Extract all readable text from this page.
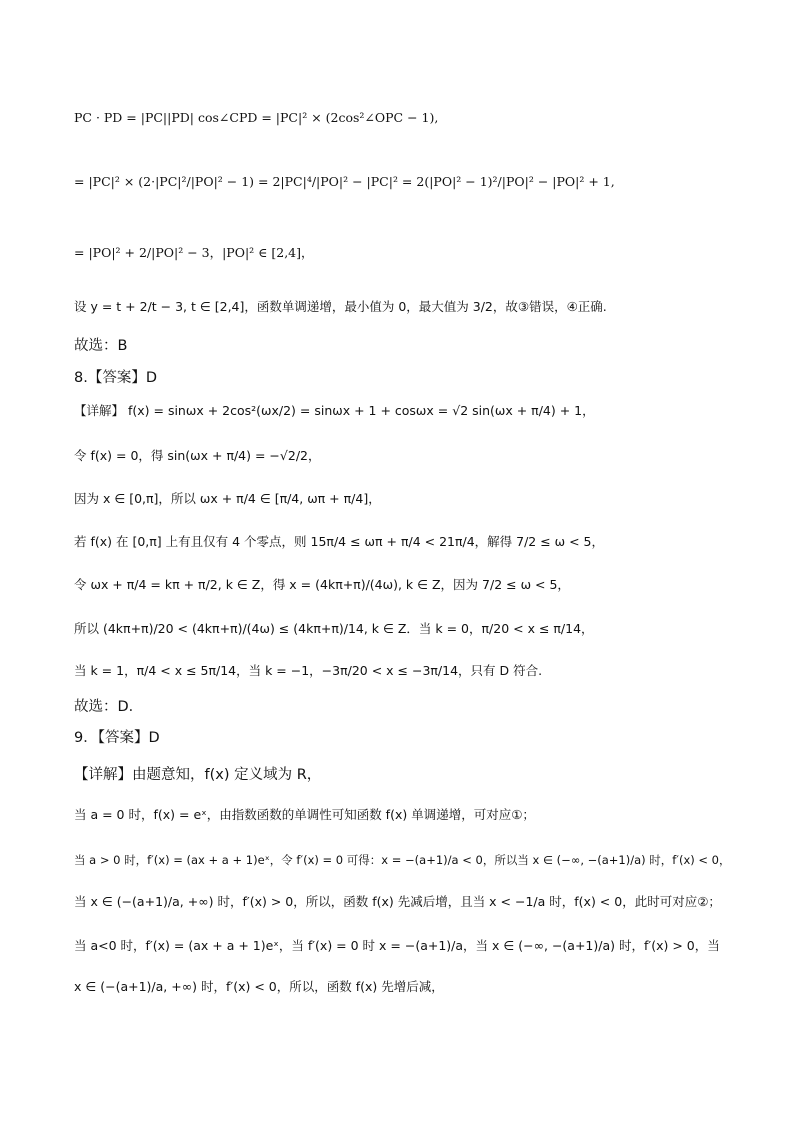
PC · PD = |PC||PD| cos∠CPD = |PC|² × (2cos²∠OPC − 1),
= |PC|² × (2·|PC|²/|PO|² − 1) = 2|PC|⁴/|PO|² − |PC|² = 2(|PO|² − 1)²/|PO|² − |PO|² + 1,
= |PO|² + 2/|PO|² − 3，|PO|² ∈ [2,4]，
设 y = t + 2/t − 3, t ∈ [2,4]，函数单调递增，最小值为 0，最大值为 3/2，故③错误，④正确.
故选：B
8.【答案】D
【详解】 f(x) = sinωx + 2cos²(ωx/2) = sinωx + 1 + cosωx = √2 sin(ωx + π/4) + 1，
令 f(x) = 0，得 sin(ωx + π/4) = −√2/2，
因为 x ∈ [0,π]，所以 ωx + π/4 ∈ [π/4, ωπ + π/4]，
若 f(x) 在 [0,π] 上有且仅有 4 个零点，则 15π/4 ≤ ωπ + π/4 < 21π/4，解得 7/2 ≤ ω < 5，
令 ωx + π/4 = kπ + π/2, k ∈ Z，得 x = (4kπ+π)/(4ω), k ∈ Z，因为 7/2 ≤ ω < 5，
所以 (4kπ+π)/20 < (4kπ+π)/(4ω) ≤ (4kπ+π)/14, k ∈ Z．当 k = 0，π/20 < x ≤ π/14，
当 k = 1，π/4 < x ≤ 5π/14，当 k = −1，−3π/20 < x ≤ −3π/14，只有 D 符合.
故选：D．
9．【答案】D
【详解】由题意知，f(x) 定义域为 R，
当 a = 0 时，f(x) = eˣ，由指数函数的单调性可知函数 f(x) 单调递增，可对应①；
当 a > 0 时，f′(x) = (ax + a + 1)eˣ，令 f′(x) = 0 可得：x = −(a+1)/a < 0，所以当 x ∈ (−∞, −(a+1)/a) 时，f′(x) < 0，
当 x ∈ (−(a+1)/a, +∞) 时，f′(x) > 0，所以，函数 f(x) 先减后增，且当 x < −1/a 时，f(x) < 0，此时可对应②；
当 a<0 时，f′(x) = (ax + a + 1)eˣ，当 f′(x) = 0 时 x = −(a+1)/a，当 x ∈ (−∞, −(a+1)/a) 时，f′(x) > 0，当
x ∈ (−(a+1)/a, +∞) 时，f′(x) < 0，所以，函数 f(x) 先增后减，
